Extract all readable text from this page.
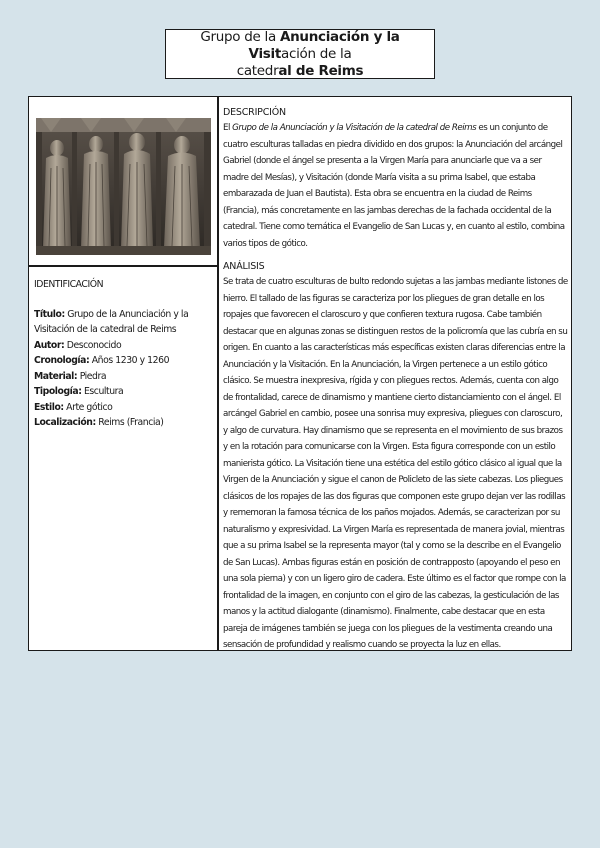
Grupo de la Anunciación y la Visitación de la
catedral de Reims
IDENTIFICACIÓN
Título: Grupo de la Anunciación y la Visitación de la catedral de Reims
Autor: Desconocido
Cronología: Años 1230 y 1260
Material: Piedra
Tipología: Escultura
Estilo: Arte gótico
Localización: Reims (Francia)
DESCRIPCIÓN

El Grupo de la Anunciación y la Visitación de la catedral de Reims es un conjunto de cuatro esculturas talladas en piedra dividido en dos grupos: la Anunciación del arcángel Gabriel (donde el ángel se presenta a la Virgen María para anunciarle que va a ser madre del Mesías), y Visitación (donde María visita a su prima Isabel, que estaba embarazada de Juan el Bautista). Esta obra se encuentra en la ciudad de Reims (Francia), más concretamente en las jambas derechas de la fachada occidental de la catedral. Tiene como temática el Evangelio de San Lucas y, en cuanto al estilo, combina varios tipos de gótico.

ANÁLISIS

Se trata de cuatro esculturas de bulto redondo sujetas a las jambas mediante listones de hierro. El tallado de las figuras se caracteriza por los pliegues de gran detalle en los ropajes que favorecen el claroscuro y que confieren textura rugosa. Cabe también destacar que en algunas zonas se distinguen restos de la policromía que las cubría en su origen. En cuanto a las características más específicas existen claras diferencias entre la Anunciación y la Visitación. En la Anunciación, la Virgen pertenece a un estilo gótico clásico. Se muestra inexpresiva, rígida y con pliegues rectos. Además, cuenta con algo de frontalidad, carece de dinamismo y mantiene cierto distanciamiento con el ángel. El arcángel Gabriel en cambio, posee una sonrisa muy expresiva, pliegues con claroscuro, y algo de curvatura. Hay dinamismo que se representa en el movimiento de sus brazos y en la rotación para comunicarse con la Virgen. Esta figura corresponde con un estilo manierista gótico. La Visitación tiene una estética del estilo gótico clásico al igual que la Virgen de la Anunciación y sigue el canon de Policleto de las siete cabezas. Los pliegues clásicos de los ropajes de las dos figuras que componen este grupo dejan ver las rodillas y rememoran la famosa técnica de los paños mojados. Además, se caracterizan por su naturalismo y expresividad. La Virgen María es representada de manera jovial, mientras que a su prima Isabel se la representa mayor (tal y como se la describe en el Evangelio de San Lucas). Ambas figuras están en posición de contrapposto (apoyando el peso en una sola pierna) y con un ligero giro de cadera. Este último es el factor que rompe con la frontalidad de la imagen, en conjunto con el giro de las cabezas, la gesticulación de las manos y la actitud dialogante (dinamismo). Finalmente, cabe destacar que en esta pareja de imágenes también se juega con los pliegues de la vestimenta creando una sensación de profundidad y realismo cuando se proyecta la luz en ellas.
